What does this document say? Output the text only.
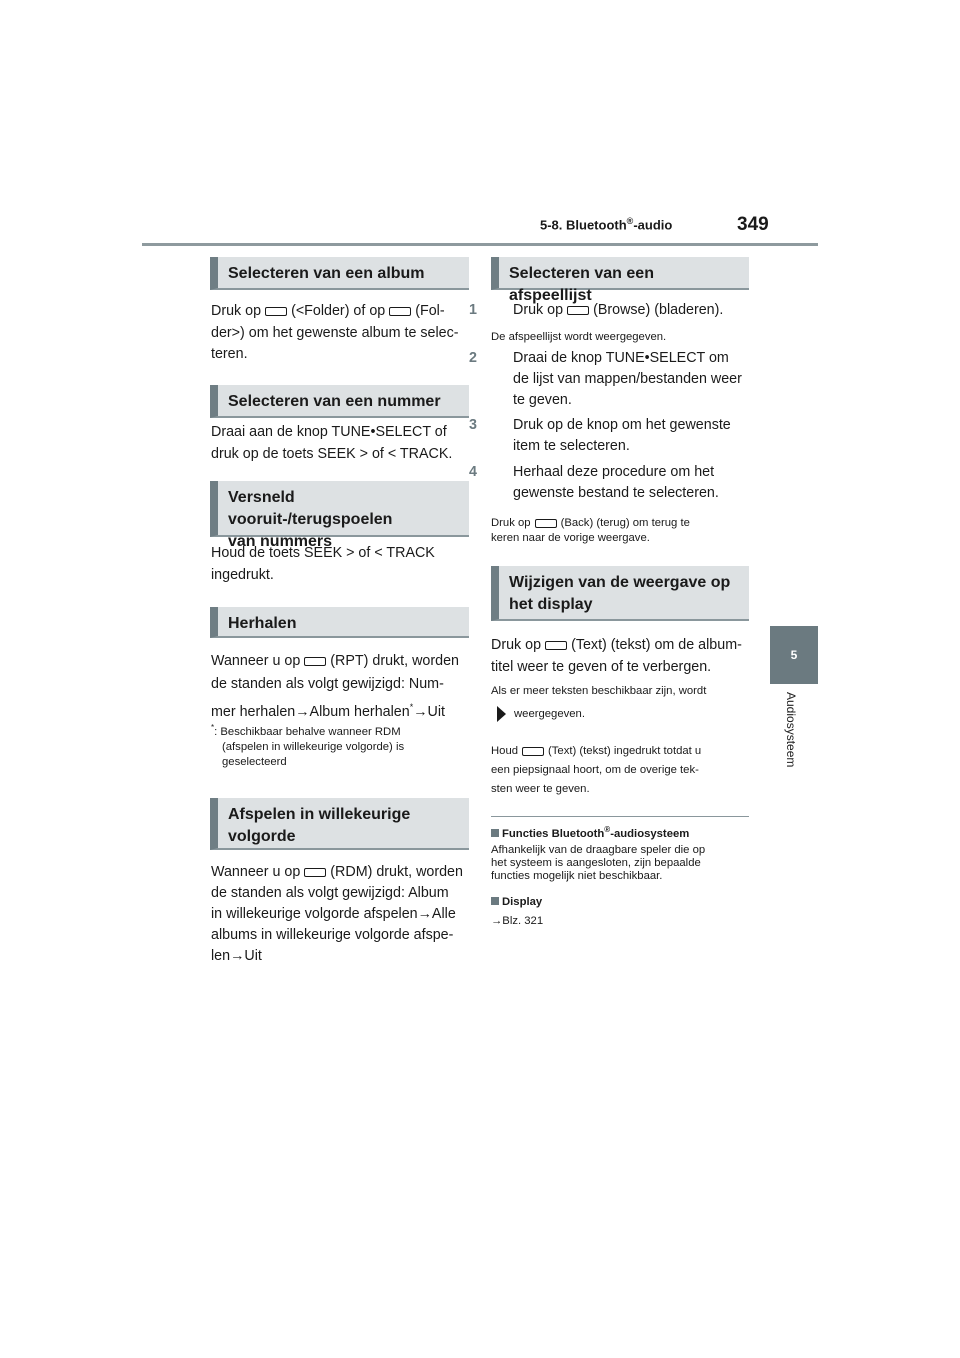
5-8. Bluetooth®-audio	349
5
Audiosysteem
Selecteren van een album
Druk op (<Folder) of op (Fol-
der>) om het gewenste album te selec-
teren.
Selecteren van een nummer
Draai aan de knop TUNE•SELECT of
druk op de toets SEEK > of < TRACK.
Versneld vooruit-/terugspoelen
van nummers
Houd de toets SEEK > of < TRACK
ingedrukt.
Herhalen
Wanneer u op (RPT) drukt, worden
de standen als volgt gewijzigd: Num-
mer herhalen→Album herhalen*→Uit
*: Beschikbaar behalve wanneer RDM
(afspelen in willekeurige volgorde) is
geselecteerd
Afspelen in willekeurige
volgorde
Wanneer u op (RDM) drukt, worden
de standen als volgt gewijzigd: Album
in willekeurige volgorde afspelen→Alle
albums in willekeurige volgorde afspe-
len→Uit
Selecteren van een afspeellijst
1	Druk op (Browse) (bladeren).
De afspeellijst wordt weergegeven.
2	Draai de knop TUNE•SELECT om
de lijst van mappen/bestanden weer
te geven.
3	Druk op de knop om het gewenste
item te selecteren.
4	Herhaal deze procedure om het
gewenste bestand te selecteren.
Druk op	(Back) (terug) om terug te
keren naar de vorige weergave.
Wijzigen van de weergave op
het display
Druk op (Text) (tekst) om de album-
titel weer te geven of te verbergen.
Als er meer teksten beschikbaar zijn, wordt
weergegeven.
Houd	(Text) (tekst) ingedrukt totdat u
een piepsignaal hoort, om de overige tek-
sten weer te geven.
Functies Bluetooth®-audiosysteem
Afhankelijk van de draagbare speler die op
het systeem is aangesloten, zijn bepaalde
functies mogelijk niet beschikbaar.
Display
→Blz. 321
